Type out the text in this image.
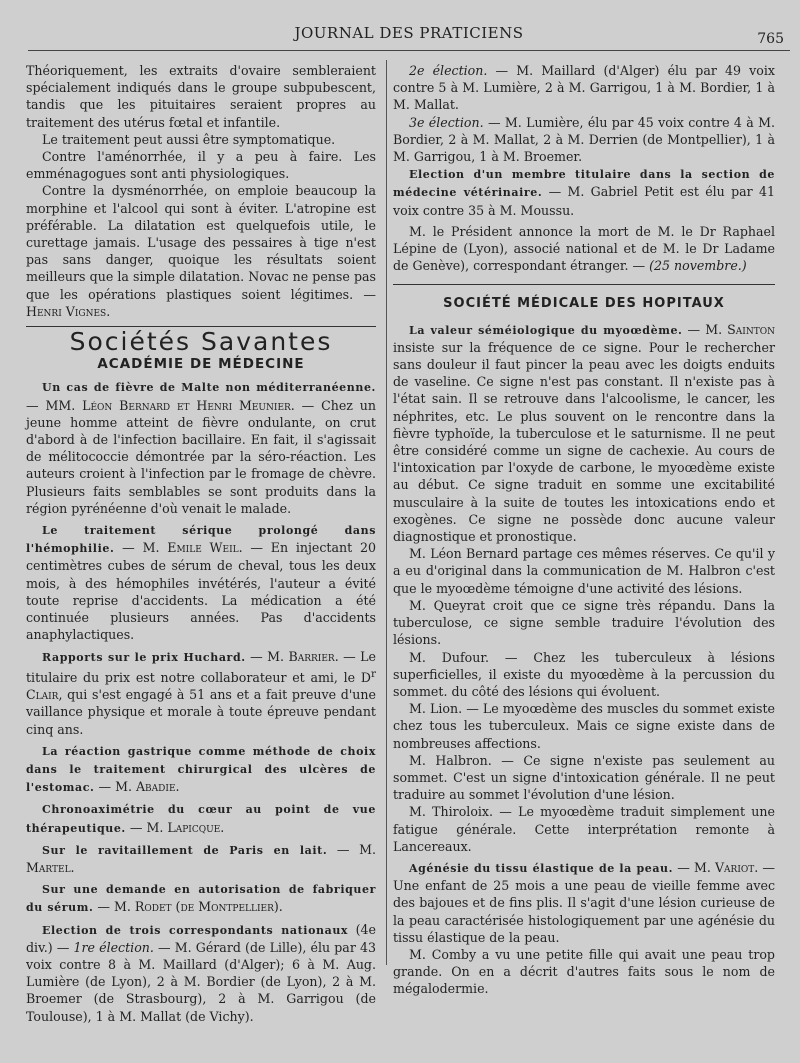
JOURNAL DES PRATICIENS	765

Théoriquement, les extraits d'ovaire sembleraient spécialement indiqués dans le groupe subpubescent, tandis que les pituitaires seraient propres au traitement des utérus fœtal et infantile.

Le traitement peut aussi être symptomatique.

Contre l'aménorrhée, il y a peu à faire. Les emménagogues sont anti physiologiques.

Contre la dysménorrhée, on emploie beaucoup la morphine et l'alcool qui sont à éviter. L'atropine est préférable. La dilatation est quelquefois utile, le curettage jamais. L'usage des pessaires à tige n'est pas sans danger, quoique les résultats soient meilleurs que la simple dilatation. Novac ne pense pas que les opérations plastiques soient légitimes. — Henri Vignes.

Sociétés Savantes
ACADÉMIE DE MÉDECINE

Un cas de fièvre de Malte non méditerranéenne. — MM. Léon Bernard et Henri Meunier. — Chez un jeune homme atteint de fièvre ondulante, on crut d'abord à de l'infection bacillaire. En fait, il s'agissait de mélitococcie démontrée par la séro-réaction. Les auteurs croient à l'infection par le fromage de chèvre. Plusieurs faits semblables se sont produits dans la région pyrénéenne d'où venait le malade.

Le traitement sérique prolongé dans l'hémophilie. — M. Emile Weil. — En injectant 20 centimètres cubes de sérum de cheval, tous les deux mois, à des hémophiles invétérés, l'auteur a évité toute reprise d'accidents. La médication a été continuée plusieurs années. Pas d'accidents anaphylactiques.

Rapports sur le prix Huchard. — M. Barrier. — Le titulaire du prix est notre collaborateur et ami, le $D^r$ Clair, qui s'est engagé à 51 ans et a fait preuve d'une vaillance physique et morale à toute épreuve pendant cinq ans.

La réaction gastrique comme méthode de choix dans le traitement chirurgical des ulcères de l'estomac. — M. Abadie.

Chronoaximétrie du cœur au point de vue thérapeutique. — M. Lapicque.

Sur le ravitaillement de Paris en lait. — M. Martel.

Sur une demande en autorisation de fabriquer du sérum. — M. Rodet (de Montpellier).

Election de trois correspondants nationaux (4e div.) — 1re élection. — M. Gérard (de Lille), élu par 43 voix contre 8 à M. Maillard (d'Alger); 6 à M. Aug. Lumière (de Lyon), 2 à M. Bordier (de Lyon), 2 à M. Broemer (de Strasbourg), 2 à M. Garrigou (de Toulouse), 1 à M. Mallat (de Vichy).

2e élection. — M. Maillard (d'Alger) élu par 49 voix contre 5 à M. Lumière, 2 à M. Garrigou, 1 à M. Bordier, 1 à M. Mallat.

3e élection. — M. Lumière, élu par 45 voix contre 4 à M. Bordier, 2 à M. Mallat, 2 à M. Derrien (de Montpellier), 1 à M. Garrigou, 1 à M. Broemer.

Election d'un membre titulaire dans la section de médecine vétérinaire. — M. Gabriel Petit est élu par 41 voix contre 35 à M. Moussu.

M. le Président annonce la mort de M. le Dr Raphael Lépine de (Lyon), associé national et de M. le Dr Ladame de Genève), correspondant étranger. — (25 novembre.)

SOCIÉTÉ MÉDICALE DES HOPITAUX

La valeur séméiologique du myoœdème. — M. Sainton insiste sur la fréquence de ce signe. Pour le rechercher sans douleur il faut pincer la peau avec les doigts enduits de vaseline. Ce signe n'est pas constant. Il n'existe pas à l'état sain. Il se retrouve dans l'alcoolisme, le cancer, les néphrites, etc. Le plus souvent on le rencontre dans la fièvre typhoïde, la tuberculose et le saturnisme. Il ne peut être considéré comme un signe de cachexie. Au cours de l'intoxication par l'oxyde de carbone, le myoœdème existe au début. Ce signe traduit en somme une excitabilité musculaire à la suite de toutes les intoxications endo et exogènes. Ce signe ne possède donc aucune valeur diagnostique et pronostique.

M. Léon Bernard partage ces mêmes réserves. Ce qu'il y a eu d'original dans la communication de M. Halbron c'est que le myoœdème témoigne d'une activité des lésions.

M. Queyrat croit que ce signe très répandu. Dans la tuberculose, ce signe semble traduire l'évolution des lésions.

M. Dufour. — Chez les tuberculeux à lésions superficielles, il existe du myoœdème à la percussion du sommet. du côté des lésions qui évoluent.

M. Lion. — Le myoœdème des muscles du sommet existe chez tous les tuberculeux. Mais ce signe existe dans de nombreuses affections.

M. Halbron. — Ce signe n'existe pas seulement au sommet. C'est un signe d'intoxication générale. Il ne peut traduire au sommet l'évolution d'une lésion.

M. Thiroloix. — Le myoœdème traduit simplement une fatigue générale. Cette interprétation remonte à Lancereaux.

Agénésie du tissu élastique de la peau. — M. Variot. — Une enfant de 25 mois a une peau de vieille femme avec des bajoues et de fins plis. Il s'agit d'une lésion curieuse de la peau caractérisée histologiquement par une agénésie du tissu élastique de la peau.

M. Comby a vu une petite fille qui avait une peau trop grande. On en a décrit d'autres faits sous le nom de mégalodermie.
